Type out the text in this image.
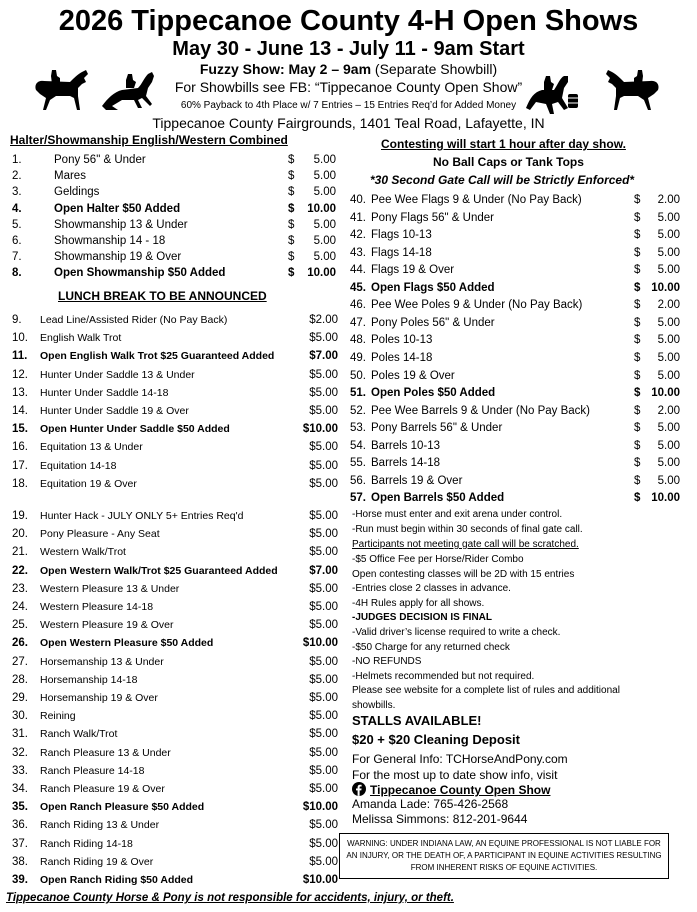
2026 Tippecanoe County 4-H Open Shows
May 30 - June 13 - July 11 - 9am Start
Fuzzy Show: May 2 – 9am (Separate Showbill)
For Showbills see FB: “Tippecanoe County Open Show”
60% Payback to 4th Place w/ 7 Entries – 15 Entries Req’d for Added Money
Tippecanoe County Fairgrounds, 1401 Teal Road, Lafayette, IN
Halter/Showmanship English/Western Combined
1.	Pony 56" & Under	$	5.00
2.	Mares	$	5.00
3.	Geldings	$	5.00
4.	Open Halter $50 Added	$	10.00
5.	Showmanship 13 & Under	$	5.00
6.	Showmanship 14 - 18	$	5.00
7.	Showmanship 19 & Over	$	5.00
8.	Open Showmanship $50 Added	$	10.00
LUNCH BREAK TO BE ANNOUNCED
9.	Lead Line/Assisted Rider (No Pay Back)	$2.00
10.	English Walk Trot	$5.00
11.	Open English Walk Trot $25 Guaranteed Added	$7.00
12.	Hunter Under Saddle 13 & Under	$5.00
13.	Hunter Under Saddle 14-18	$5.00
14.	Hunter Under Saddle 19 & Over	$5.00
15.	Open Hunter Under Saddle $50 Added	$10.00
16.	Equitation 13 & Under	$5.00
17.	Equitation 14-18	$5.00
18.	Equitation 19 & Over	$5.00
19.	Hunter Hack - JULY ONLY 5+ Entries Req'd	$5.00
20.	Pony Pleasure - Any Seat	$5.00
21.	Western Walk/Trot	$5.00
22.	Open Western Walk/Trot $25 Guaranteed Added	$7.00
23.	Western Pleasure 13 & Under	$5.00
24.	Western Pleasure 14-18	$5.00
25.	Western Pleasure 19 & Over	$5.00
26.	Open Western Pleasure $50 Added	$10.00
27.	Horsemanship 13 & Under	$5.00
28.	Horsemanship 14-18	$5.00
29.	Horsemanship 19 & Over	$5.00
30.	Reining	$5.00
31.	Ranch Walk/Trot	$5.00
32.	Ranch Pleasure 13 & Under	$5.00
33.	Ranch Pleasure 14-18	$5.00
34.	Ranch Pleasure 19 & Over	$5.00
35.	Open Ranch Pleasure $50 Added	$10.00
36.	Ranch Riding 13 & Under	$5.00
37.	Ranch Riding 14-18	$5.00
38.	Ranch Riding 19 & Over	$5.00
39.	Open Ranch Riding $50 Added	$10.00
Contesting will start 1 hour after day show.
No Ball Caps or Tank Tops
*30 Second Gate Call will be Strictly Enforced*
40. Pee Wee Flags 9 & Under (No Pay Back)	$	2.00
41. Pony Flags 56" & Under	$	5.00
42. Flags 10-13	$	5.00
43. Flags 14-18	$	5.00
44. Flags 19 & Over	$	5.00
45. Open Flags $50 Added	$ 10.00
46. Pee Wee Poles 9 & Under (No Pay Back)	$	2.00
47. Pony Poles 56" & Under	$	5.00
48. Poles 10-13	$	5.00
49. Poles 14-18	$	5.00
50. Poles 19 & Over	$	5.00
51. Open Poles $50 Added	$ 10.00
52. Pee Wee Barrels 9 & Under (No Pay Back)	$	2.00
53. Pony Barrels 56" & Under	$	5.00
54. Barrels 10-13	$	5.00
55. Barrels 14-18	$	5.00
56. Barrels 19 & Over	$	5.00
57. Open Barrels $50 Added	$ 10.00
-Horse must enter and exit arena under control.
-Run must begin within 30 seconds of final gate call.
Participants not meeting gate call will be scratched.
-$5 Office Fee per Horse/Rider Combo
Open contesting classes will be 2D with 15 entries
-Entries close 2 classes in advance.
-4H Rules apply for all shows.
-JUDGES DECISION IS FINAL
-Valid driver’s license required to write a check.
-$50 Charge for any returned check
-NO REFUNDS
-Helmets recommended but not required.
Please see website for a complete list of rules and additional
showbills.
STALLS AVAILABLE!
$20 + $20 Cleaning Deposit
For General Info: TCHorseAndPony.com
For the most up to date show info, visit
Tippecanoe County Open Show
Amanda Lade: 765-426-2568
Melissa Simmons: 812-201-9644
WARNING: UNDER INDIANA LAW, AN EQUINE PROFESSIONAL IS NOT LIABLE FOR AN INJURY, OR THE DEATH OF, A PARTICIPANT IN EQUINE ACTIVITIES RESULTING FROM INHERENT RISKS OF EQUINE ACTIVITIES.
Tippecanoe County Horse & Pony is not responsible for accidents, injury, or theft.
